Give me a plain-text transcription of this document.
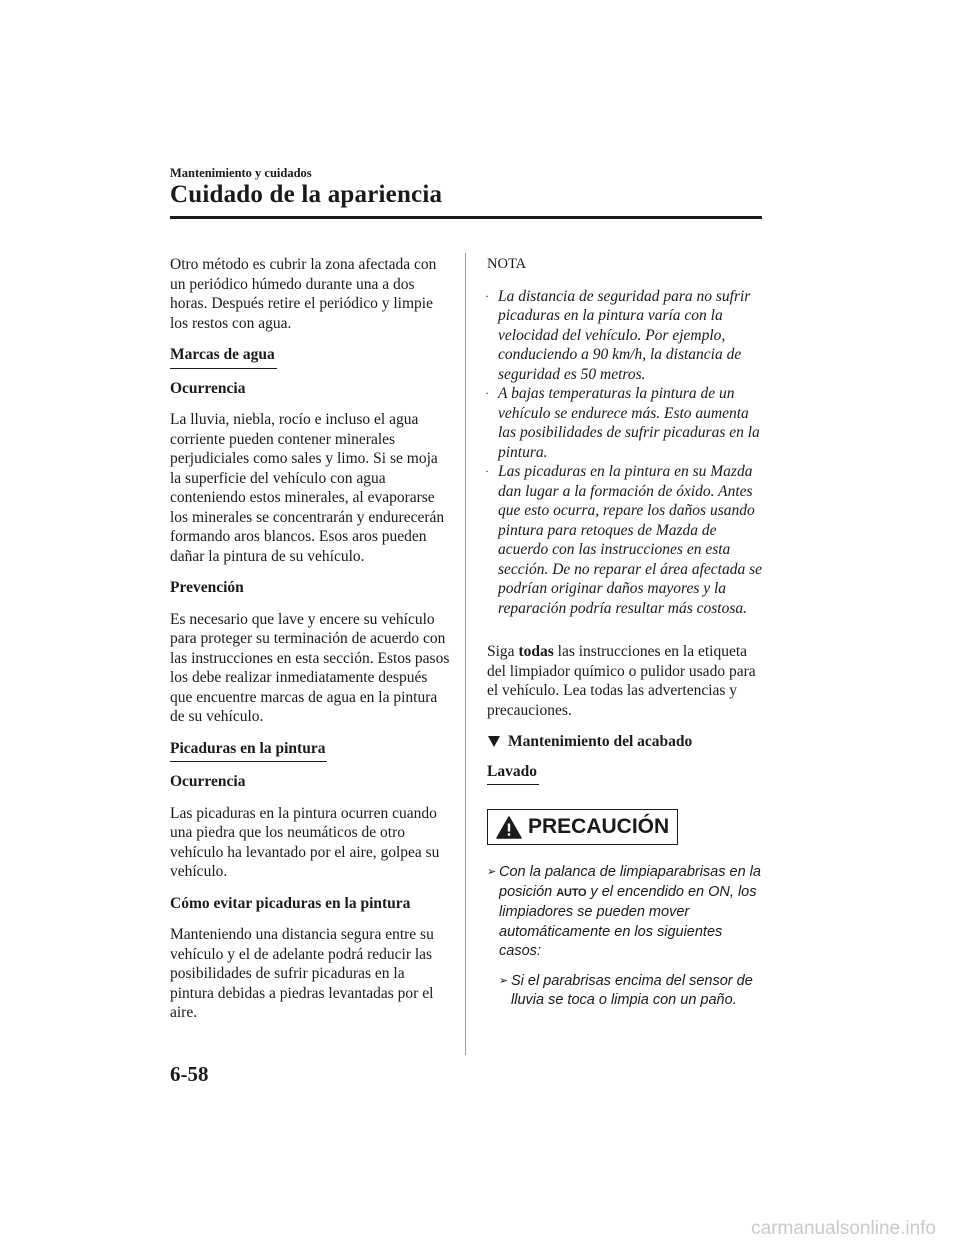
Mantenimiento y cuidados
Cuidado de la apariencia

Otro método es cubrir la zona afectada con un periódico húmedo durante una a dos horas. Después retire el periódico y limpie los restos con agua.

Marcas de agua

Ocurrencia

La lluvia, niebla, rocío e incluso el agua corriente pueden contener minerales perjudiciales como sales y limo. Si se moja la superficie del vehículo con agua conteniendo estos minerales, al evaporarse los minerales se concentrarán y endurecerán formando aros blancos. Esos aros pueden dañar la pintura de su vehículo.

Prevención

Es necesario que lave y encere su vehículo para proteger su terminación de acuerdo con las instrucciones en esta sección. Estos pasos los debe realizar inmediatamente después que encuentre marcas de agua en la pintura de su vehículo.

Picaduras en la pintura

Ocurrencia

Las picaduras en la pintura ocurren cuando una piedra que los neumáticos de otro vehículo ha levantado por el aire, golpea su vehículo.

Cómo evitar picaduras en la pintura

Manteniendo una distancia segura entre su vehículo y el de adelante podrá reducir las posibilidades de sufrir picaduras en la pintura debidas a piedras levantadas por el aire.

NOTA

· La distancia de seguridad para no sufrir picaduras en la pintura varía con la velocidad del vehículo. Por ejemplo, conduciendo a 90 km/h, la distancia de seguridad es 50 metros.
· A bajas temperaturas la pintura de un vehículo se endurece más. Esto aumenta las posibilidades de sufrir picaduras en la pintura.
· Las picaduras en la pintura en su Mazda dan lugar a la formación de óxido. Antes que esto ocurra, repare los daños usando pintura para retoques de Mazda de acuerdo con las instrucciones en esta sección. De no reparar el área afectada se podrían originar daños mayores y la reparación podría resultar más costosa.

Siga todas las instrucciones en la etiqueta del limpiador químico o pulidor usado para el vehículo. Lea todas las advertencias y precauciones.

Mantenimiento del acabado
Lavado

PRECAUCIÓN
➢ Con la palanca de limpiaparabrisas en la posición AUTO y el encendido en ON, los limpiadores se pueden mover automáticamente en los siguientes casos:
➢ Si el parabrisas encima del sensor de lluvia se toca o limpia con un paño.
6-58
carmanualsonline.info
